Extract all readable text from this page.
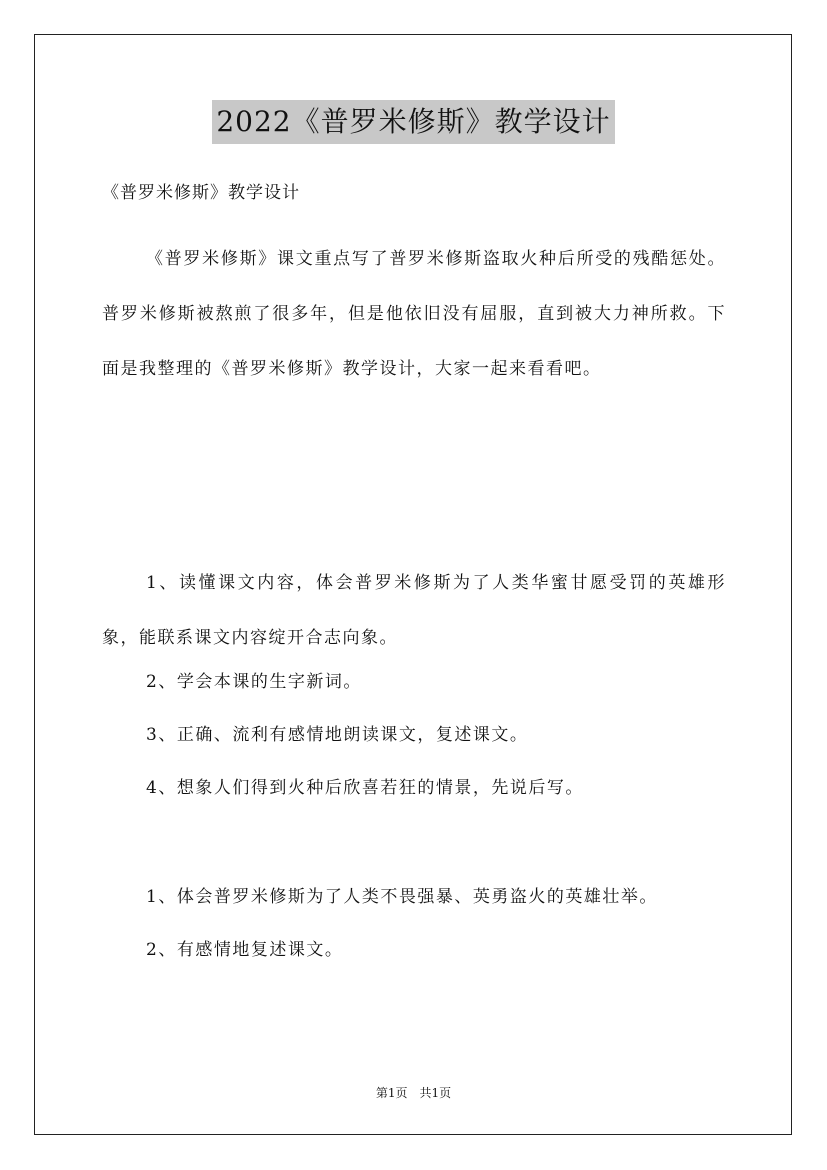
2022《普罗米修斯》教学设计
《普罗米修斯》教学设计
《普罗米修斯》课文重点写了普罗米修斯盗取火种后所受的残酷惩处。普罗米修斯被熬煎了很多年，但是他依旧没有屈服，直到被大力神所救。下面是我整理的《普罗米修斯》教学设计，大家一起来看看吧。
1、读懂课文内容，体会普罗米修斯为了人类华蜜甘愿受罚的英雄形象，能联系课文内容绽开合志向象。
2、学会本课的生字新词。
3、正确、流利有感情地朗读课文，复述课文。
4、想象人们得到火种后欣喜若狂的情景，先说后写。
1、体会普罗米修斯为了人类不畏强暴、英勇盗火的英雄壮举。
2、有感情地复述课文。
第1页　共1页
